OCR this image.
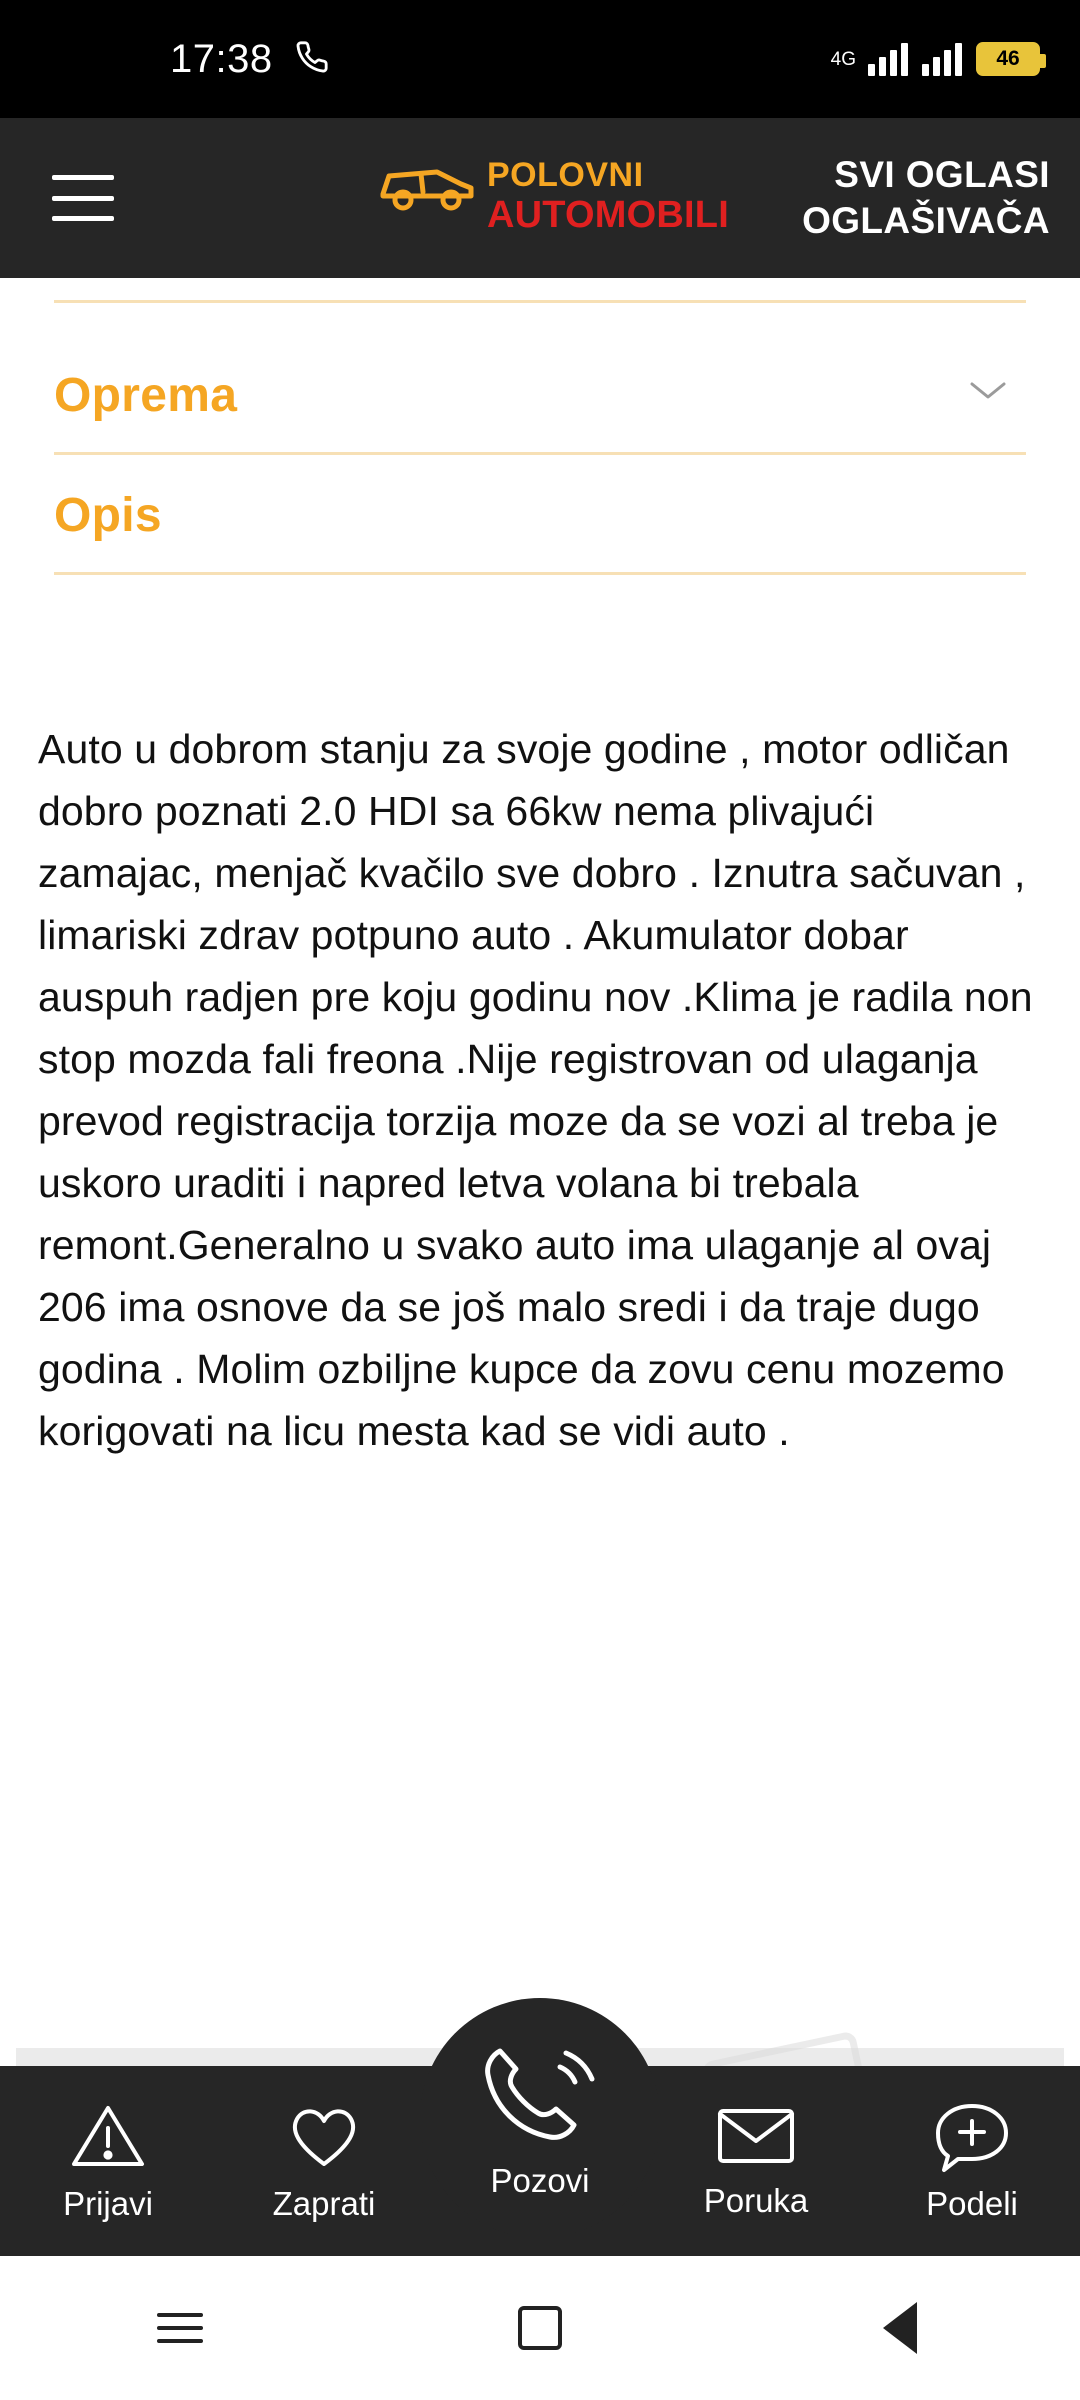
17:38	4G	46
POLOVNI
AUTOMOBILI
SVI OGLASI
OGLAŠIVAČA
Oprema
Opis
Auto u dobrom stanju za svoje godine , motor odličan dobro poznati 2.0 HDI sa 66kw nema plivajući zamajac, menjač kvačilo sve dobro . Iznutra sačuvan , limariski zdrav potpuno auto . Akumulator dobar auspuh radjen pre koju godinu nov .Klima je radila non stop mozda fali freona .Nije registrovan od ulaganja prevod registracija torzija moze da se vozi al treba je uskoro uraditi i napred letva volana bi trebala remont.Generalno u svako auto ima ulaganje al ovaj 206 ima osnove da se još malo sredi i da traje dugo godina . Molim ozbiljne kupce da zovu cenu mozemo korigovati na licu mesta kad se vidi auto .
Prijavi	Zaprati	Poruka	Podeli
Pozovi
